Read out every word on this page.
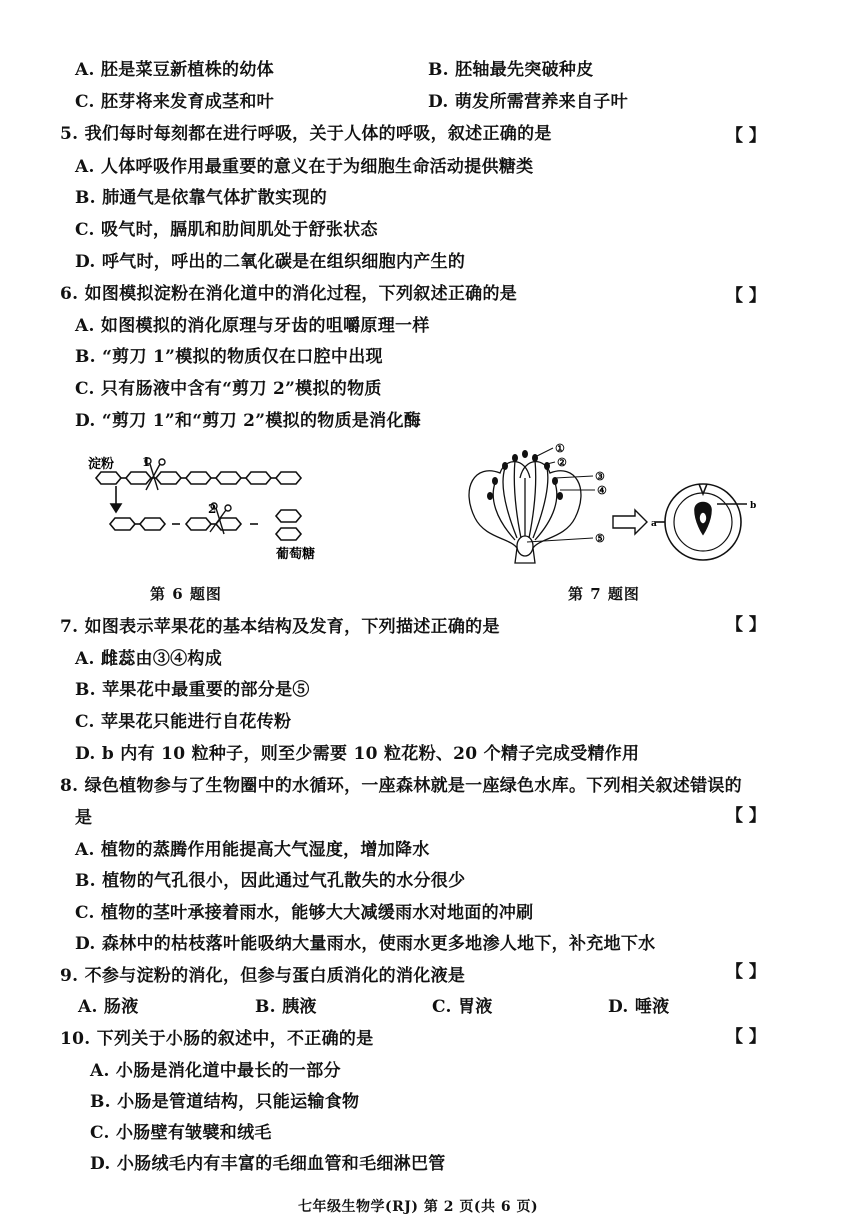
A. 胚是菜豆新植株的幼体	B. 胚轴最先突破种皮
C. 胚芽将来发育成茎和叶	D. 萌发所需营养来自子叶
5. 我们每时每刻都在进行呼吸，关于人体的呼吸，叙述正确的是	【 】
A. 人体呼吸作用最重要的意义在于为细胞生命活动提供糖类
B. 肺通气是依靠气体扩散实现的
C. 吸气时，膈肌和肋间肌处于舒张状态
D. 呼气时，呼出的二氧化碳是在组织细胞内产生的
6. 如图模拟淀粉在消化道中的消化过程，下列叙述正确的是	【 】
A. 如图模拟的消化原理与牙齿的咀嚼原理一样
B. “剪刀 1”模拟的物质仅在口腔中出现
C. 只有肠液中含有“剪刀 2”模拟的物质
D. “剪刀 1”和“剪刀 2”模拟的物质是消化酶
淀粉 1
2
葡萄糖
第 6 题图
①
②
③
④
⑤
a
b
第 7 题图
7. 如图表示苹果花的基本结构及发育，下列描述正确的是	【 】
A. 雌蕊由③④构成
B. 苹果花中最重要的部分是⑤
C. 苹果花只能进行自花传粉
D. b 内有 10 粒种子，则至少需要 10 粒花粉、20 个精子完成受精作用
8. 绿色植物参与了生物圈中的水循环，一座森林就是一座绿色水库。下列相关叙述错误的
是	【 】
A. 植物的蒸腾作用能提高大气湿度，增加降水
B. 植物的气孔很小，因此通过气孔散失的水分很少
C. 植物的茎叶承接着雨水，能够大大减缓雨水对地面的冲刷
D. 森林中的枯枝落叶能吸纳大量雨水，使雨水更多地渗人地下，补充地下水
9. 不参与淀粉的消化，但参与蛋白质消化的消化液是	【 】
A. 肠液	B. 胰液	C. 胃液	D. 唾液
10. 下列关于小肠的叙述中，不正确的是	【 】
A. 小肠是消化道中最长的一部分
B. 小肠是管道结构，只能运输食物
C. 小肠壁有皱襞和绒毛
D. 小肠绒毛内有丰富的毛细血管和毛细淋巴管
七年级生物学(RJ) 第 2 页(共 6 页)
